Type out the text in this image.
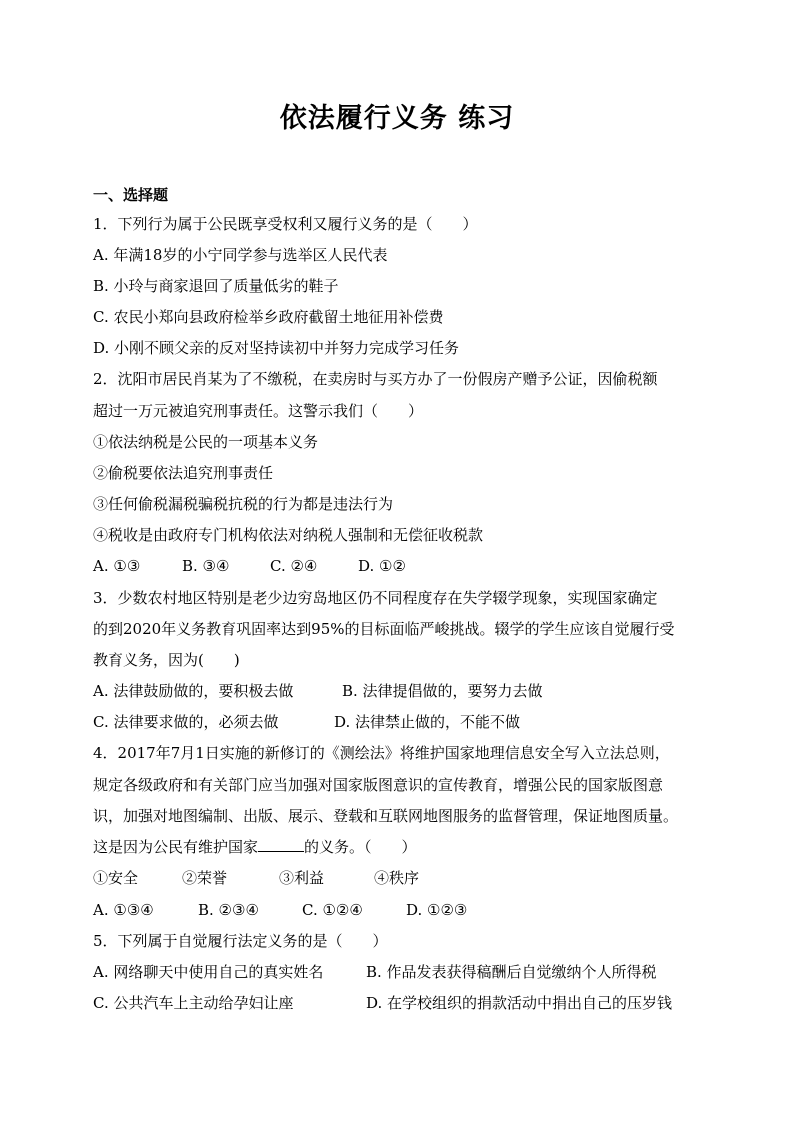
依法履行义务 练习
一、选择题
1．下列行为属于公民既享受权利又履行义务的是（　　）
A. 年满18岁的小宁同学参与选举区人民代表
B. 小玲与商家退回了质量低劣的鞋子
C. 农民小郑向县政府检举乡政府截留土地征用补偿费
D. 小刚不顾父亲的反对坚持读初中并努力完成学习任务
2．沈阳市居民肖某为了不缴税，在卖房时与买方办了一份假房产赠予公证，因偷税额
超过一万元被追究刑事责任。这警示我们（　　）
①依法纳税是公民的一项基本义务
②偷税要依法追究刑事责任
③任何偷税漏税骗税抗税的行为都是违法行为
④税收是由政府专门机构依法对纳税人强制和无偿征收税款
A. ①③	B. ③④	C. ②④	D. ①②
3．少数农村地区特别是老少边穷岛地区仍不同程度存在失学辍学现象，实现国家确定
的到2020年义务教育巩固率达到95%的目标面临严峻挑战。辍学的学生应该自觉履行受
教育义务，因为(　　)
A. 法律鼓励做的，要积极去做	B. 法律提倡做的，要努力去做
C. 法律要求做的，必须去做	D. 法律禁止做的，不能不做
4．2017年7月1日实施的新修订的《测绘法》将维护国家地理信息安全写入立法总则，
规定各级政府和有关部门应当加强对国家版图意识的宣传教育，增强公民的国家版图意
识，加强对地图编制、出版、展示、登载和互联网地图服务的监督管理，保证地图质量。
这是因为公民有维护国家	的义务。（　　）
①安全	②荣誉	③利益	④秩序
A. ①③④	B. ②③④	C. ①②④	D. ①②③
5．下列属于自觉履行法定义务的是（　　）
A. 网络聊天中使用自己的真实姓名	B. 作品发表获得稿酬后自觉缴纳个人所得税
C. 公共汽车上主动给孕妇让座	D. 在学校组织的捐款活动中捐出自己的压岁钱
